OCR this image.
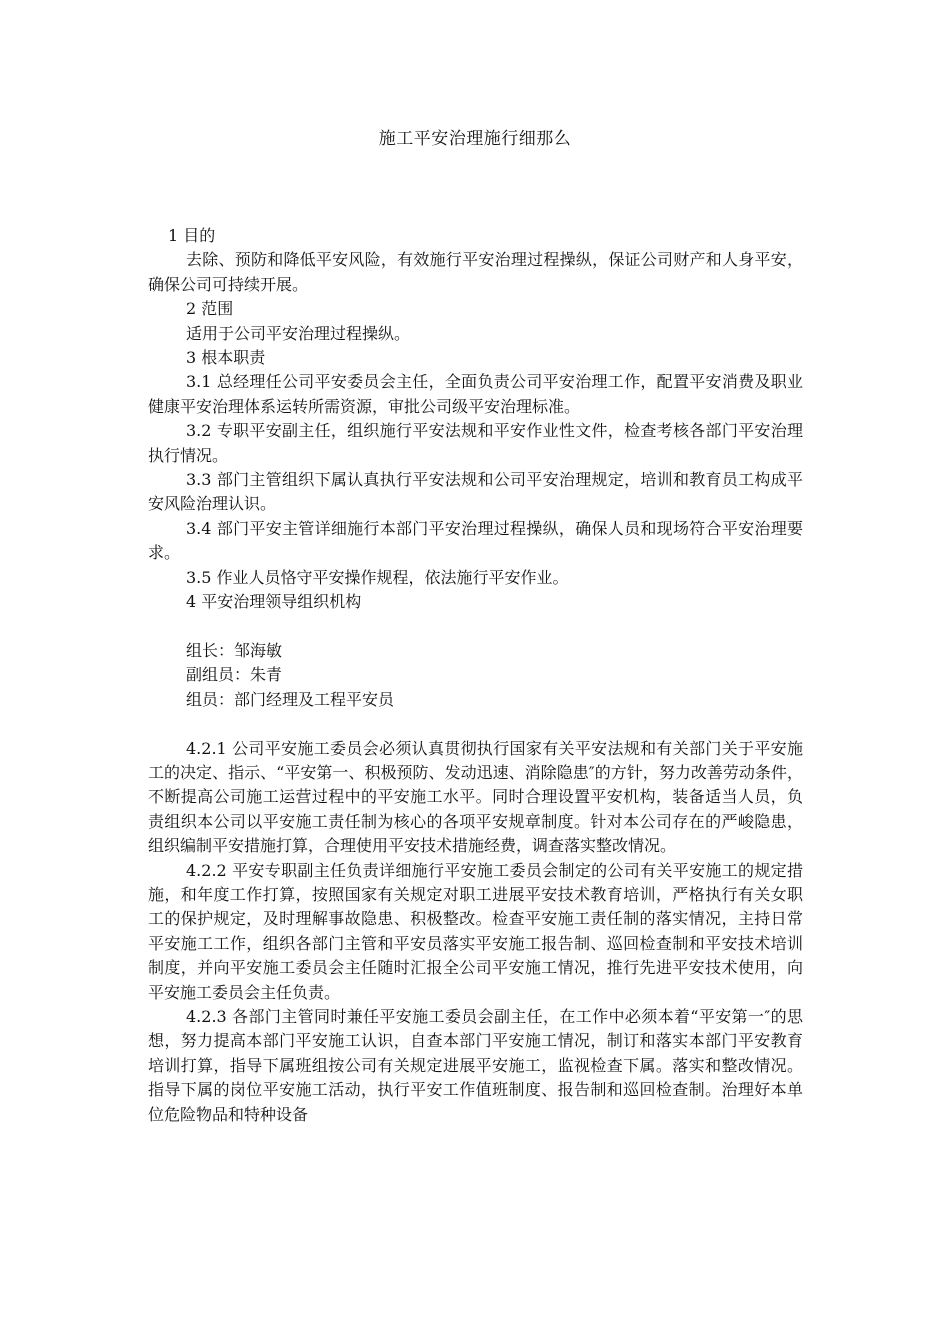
施工平安治理施行细那么

1 目的

去除、预防和降低平安风险，有效施行平安治理过程操纵，保证公司财产和人身平安，确保公司可持续开展。

2 范围

适用于公司平安治理过程操纵。

3 根本职责

3.1 总经理任公司平安委员会主任，全面负责公司平安治理工作，配置平安消费及职业健康平安治理体系运转所需资源，审批公司级平安治理标准。

3.2 专职平安副主任，组织施行平安法规和平安作业性文件，检查考核各部门平安治理执行情况。

3.3 部门主管组织下属认真执行平安法规和公司平安治理规定，培训和教育员工构成平安风险治理认识。

3.4 部门平安主管详细施行本部门平安治理过程操纵，确保人员和现场符合平安治理要求。

3.5 作业人员恪守平安操作规程，依法施行平安作业。

4 平安治理领导组织机构

组长：邹海敏

副组员：朱青

组员：部门经理及工程平安员

4.2.1 公司平安施工委员会必须认真贯彻执行国家有关平安法规和有关部门关于平安施工的决定、指示、“平安第一、积极预防、发动迅速、消除隐患″的方针，努力改善劳动条件，不断提高公司施工运营过程中的平安施工水平。同时合理设置平安机构，装备适当人员，负责组织本公司以平安施工责任制为核心的各项平安规章制度。针对本公司存在的严峻隐患，组织编制平安措施打算，合理使用平安技术措施经费，调查落实整改情况。

4.2.2 平安专职副主任负责详细施行平安施工委员会制定的公司有关平安施工的规定措施，和年度工作打算，按照国家有关规定对职工进展平安技术教育培训，严格执行有关女职工的保护规定，及时理解事故隐患、积极整改。检查平安施工责任制的落实情况，主持日常平安施工工作，组织各部门主管和平安员落实平安施工报告制、巡回检查制和平安技术培训制度，并向平安施工委员会主任随时汇报全公司平安施工情况，推行先进平安技术使用，向平安施工委员会主任负责。

4.2.3 各部门主管同时兼任平安施工委员会副主任，在工作中必须本着“平安第一″的思想，努力提高本部门平安施工认识，自查本部门平安施工情况，制订和落实本部门平安教育培训打算，指导下属班组按公司有关规定进展平安施工，监视检查下属。落实和整改情况。指导下属的岗位平安施工活动，执行平安工作值班制度、报告制和巡回检查制。治理好本单位危险物品和特种设备
